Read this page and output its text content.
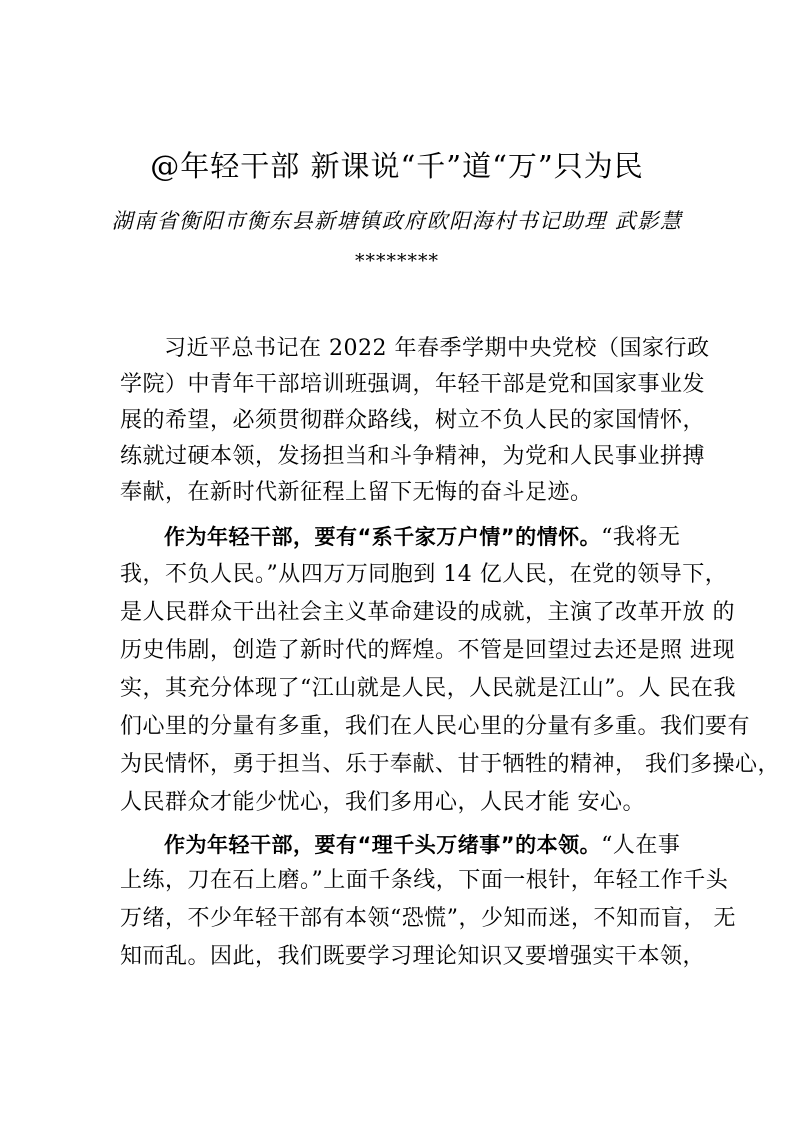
@年轻干部 新课说“千”道“万”只为民
湖南省衡阳市衡东县新塘镇政府欧阳海村书记助理 武影慧
********
习近平总书记在 2022 年春季学期中央党校（国家行政
学院）中青年干部培训班强调，年轻干部是党和国家事业发
展的希望，必须贯彻群众路线，树立不负人民的家国情怀，
练就过硬本领，发扬担当和斗争精神，为党和人民事业拼搏
奉献，在新时代新征程上留下无悔的奋斗足迹。
作为年轻干部，要有“系千家万户情”的情怀。“我将无
我，不负人民。”从四万万同胞到 14 亿人民，在党的领导下，
是人民群众干出社会主义革命建设的成就，主演了改革开放 的
历史伟剧，创造了新时代的辉煌。不管是回望过去还是照 进现
实，其充分体现了“江山就是人民，人民就是江山”。人 民在我
们心里的分量有多重，我们在人民心里的分量有多重。我们要有
为民情怀，勇于担当、乐于奉献、甘于牺牲的精神， 我们多操心，
人民群众才能少忧心，我们多用心，人民才能 安心。
作为年轻干部，要有“理千头万绪事”的本领。“人在事
上练，刀在石上磨。”上面千条线，下面一根针，年轻工作千头
万绪，不少年轻干部有本领“恐慌”，少知而迷，不知而盲， 无
知而乱。因此，我们既要学习理论知识又要增强实干本领，
